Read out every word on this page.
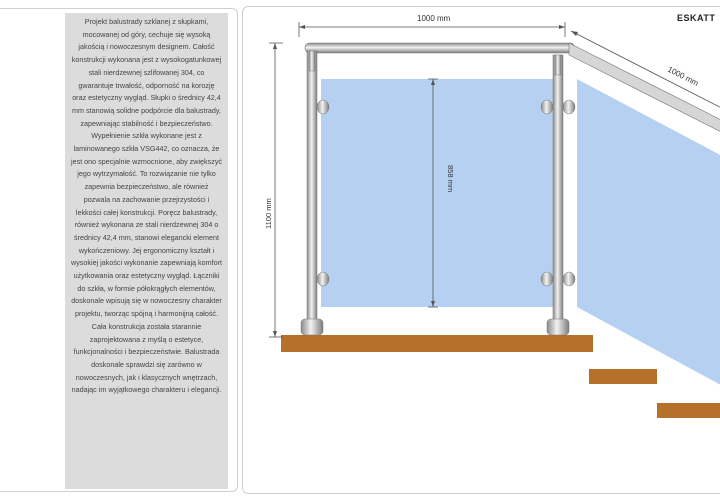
Projekt balustrady szklanej z słupkami, mocowanej od góry, cechuje się wysoką jakością i nowoczesnym designem. Całość konstrukcji wykonana jest z wysokogatunkowej stali nierdzewnej szlifowanej 304, co gwarantuje trwałość, odporność na korozję oraz estetyczny wygląd. Słupki o średnicy 42,4 mm stanowią solidne podpórcie dla balustrady, zapewniając stabilność i bezpieczeństwo. Wypełnienie szkła wykonane jest z laminowanego szkła VSG442, co oznacza, że jest ono specjalnie wzmocnione, aby zwiększyć jego wytrzymałość. To rozwiązanie nie tylko zapewnia bezpieczeństwo, ale również pozwala na zachowanie przejrzystości i lekkości całej konstrukcji. Poręcz balustrady, również wykonana ze stali nierdzewnej 304 o średnicy 42,4 mm, stanowi elegancki element wykończeniowy. Jej ergonomiczny kształt i wysokiej jakości wykonanie zapewniają komfort użytkowania oraz estetyczny wygląd. Łączniki do szkła, w formie półokrągłych elementów, doskonale wpisują się w nowoczesny charakter projektu, tworząc spójną i harmonijną całość. Cała konstrukcja została starannie zaprojektowana z myślą o estetyce, funkcjonalności i bezpieczeństwie. Balustrada doskonale sprawdzi się zarówno w nowoczesnych, jak i klasycznych wnętrzach, nadając im wyjątkowego charakteru i elegancji.

ESKATT
1000 mm
1000 mm
1100 mm
858 mm
